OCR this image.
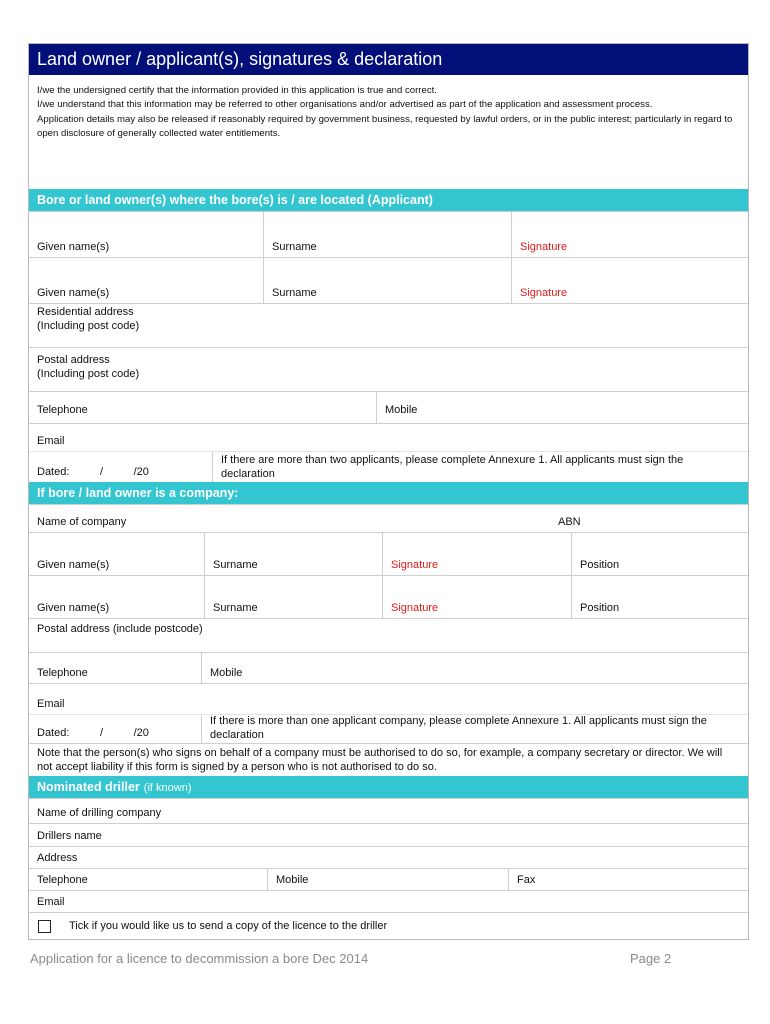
Land owner / applicant(s), signatures & declaration
I/we the undersigned certify that the information provided in this application is true and correct.
I/we understand that this information may be referred to other organisations and/or advertised as part of the application and assessment process.
Application details may also be released if reasonably required by government business, requested by lawful orders, or in the public interest; particularly in regard to open disclosure of generally collected water entitlements.
Bore or land owner(s) where the bore(s) is / are located (Applicant)
Given name(s)	Surname	Signature
Given name(s)	Surname	Signature
Residential address
(Including post code)
Postal address
(Including post code)
Telephone	Mobile
Email
Dated:          /          /20
If there are more than two applicants, please complete Annexure 1. All applicants must sign the declaration
If bore / land owner is a company:
Name of company	ABN
Given name(s)	Surname	Signature	Position
Given name(s)	Surname	Signature	Position
Postal address (include postcode)
Telephone	Mobile
Email
Dated:          /          /20
If there is more than one applicant company, please complete Annexure 1. All applicants must sign the declaration
Note that the person(s) who signs on behalf of a company must be authorised to do so, for example, a company secretary or director. We will not accept liability if this form is signed by a person who is not authorised to do so.
Nominated driller (if known)
Name of drilling company
Drillers name
Address
Telephone	Mobile	Fax
Email
Tick if you would like us to send a copy of the licence to the driller
Application for a licence to decommission a bore Dec 2014	Page 2
